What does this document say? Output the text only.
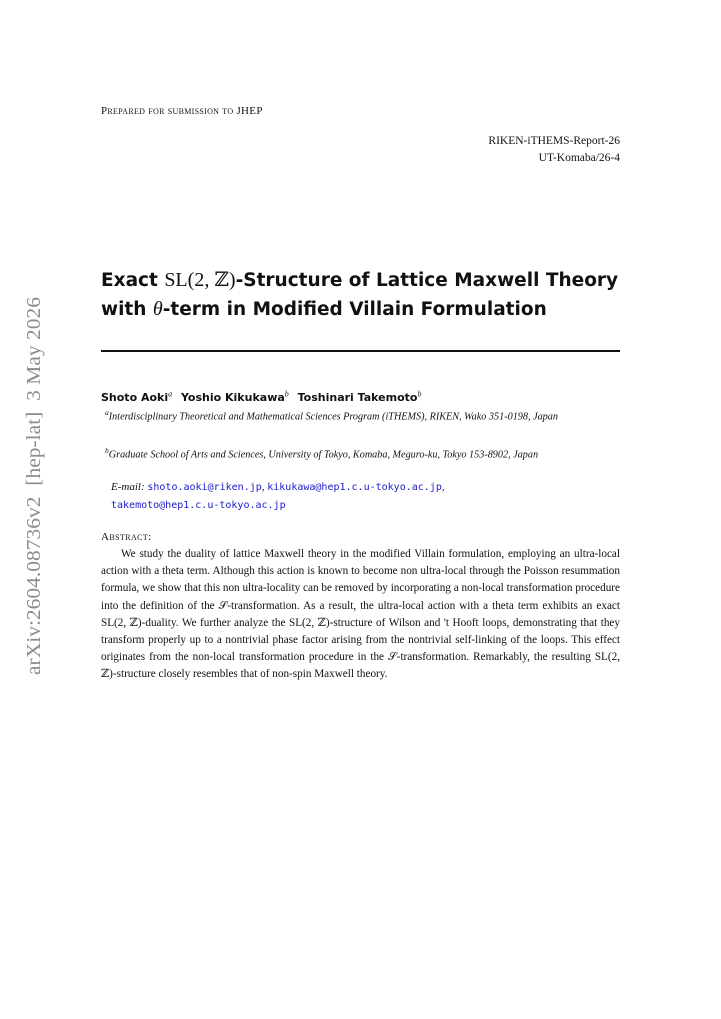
Prepared for submission to JHEP
RIKEN-iTHEMS-Report-26
UT-Komaba/26-4
Exact SL(2, ℤ)-Structure of Lattice Maxwell Theory
with θ-term in Modified Villain Formulation
Shoto Aoki$^a$ Yoshio Kikukawa$^b$ Toshinari Takemoto$^b$
$^a$Interdisciplinary Theoretical and Mathematical Sciences Program (iTHEMS), RIKEN, Wako 351-0198, Japan
$^b$Graduate School of Arts and Sciences, University of Tokyo, Komaba, Meguro-ku, Tokyo 153-8902, Japan
E-mail: shoto.aoki@riken.jp, kikukawa@hep1.c.u-tokyo.ac.jp,
takemoto@hep1.c.u-tokyo.ac.jp
Abstract:

We study the duality of lattice Maxwell theory in the modified Villain formulation, employing an ultra-local action with a theta term. Although this action is known to become non ultra-local through the Poisson resummation formula, we show that this non ultra-locality can be removed by incorporating a non-local transformation procedure into the definition of the 𝒮-transformation. As a result, the ultra-local action with a theta term exhibits an exact SL(2, ℤ)-duality. We further analyze the SL(2, ℤ)-structure of Wilson and 't Hooft loops, demonstrating that they transform properly up to a nontrivial phase factor arising from the nontrivial self-linking of the loops. This effect originates from the non-local transformation procedure in the 𝒮-transformation. Remarkably, the resulting SL(2, ℤ)-structure closely resembles that of non-spin Maxwell theory.

arXiv:2604.08736v2  [hep-lat]  3 May 2026
